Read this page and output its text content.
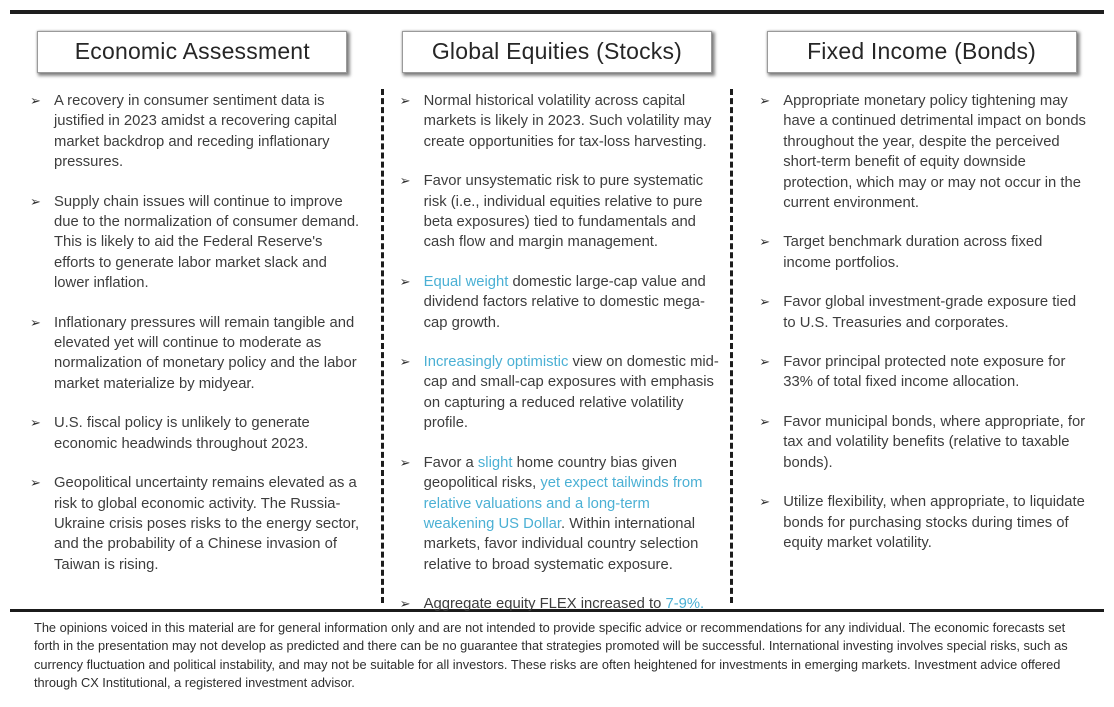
Economic Assessment
➢ A recovery in consumer sentiment data is justified in 2023 amidst a recovering capital market backdrop and receding inflationary pressures.
➢ Supply chain issues will continue to improve due to the normalization of consumer demand. This is likely to aid the Federal Reserve's efforts to generate labor market slack and lower inflation.
➢ Inflationary pressures will remain tangible and elevated yet will continue to moderate as normalization of monetary policy and the labor market materialize by midyear.
➢ U.S. fiscal policy is unlikely to generate economic headwinds throughout 2023.
➢ Geopolitical uncertainty remains elevated as a risk to global economic activity. The Russia-Ukraine crisis poses risks to the energy sector, and the probability of a Chinese invasion of Taiwan is rising.
Global Equities (Stocks)
➢ Normal historical volatility across capital markets is likely in 2023. Such volatility may create opportunities for tax-loss harvesting.
➢ Favor unsystematic risk to pure systematic risk (i.e., individual equities relative to pure beta exposures) tied to fundamentals and cash flow and margin management.
➢ Equal weight domestic large-cap value and dividend factors relative to domestic mega-cap growth.
➢ Increasingly optimistic view on domestic mid-cap and small-cap exposures with emphasis on capturing a reduced relative volatility profile.
➢ Favor a slight home country bias given geopolitical risks, yet expect tailwinds from relative valuations and a long-term weakening US Dollar. Within international markets, favor individual country selection relative to broad systematic exposure.
➢ Aggregate equity FLEX increased to 7-9%.
Fixed Income (Bonds)
➢ Appropriate monetary policy tightening may have a continued detrimental impact on bonds throughout the year, despite the perceived short-term benefit of equity downside protection, which may or may not occur in the current environment.
➢ Target benchmark duration across fixed income portfolios.
➢ Favor global investment-grade exposure tied to U.S. Treasuries and corporates.
➢ Favor principal protected note exposure for 33% of total fixed income allocation.
➢ Favor municipal bonds, where appropriate, for tax and volatility benefits (relative to taxable bonds).
➢ Utilize flexibility, when appropriate, to liquidate bonds for purchasing stocks during times of equity market volatility.
The opinions voiced in this material are for general information only and are not intended to provide specific advice or recommendations for any individual. The economic forecasts set forth in the presentation may not develop as predicted and there can be no guarantee that strategies promoted will be successful. International investing involves special risks, such as currency fluctuation and political instability, and may not be suitable for all investors. These risks are often heightened for investments in emerging markets. Investment advice offered through CX Institutional, a registered investment advisor.
